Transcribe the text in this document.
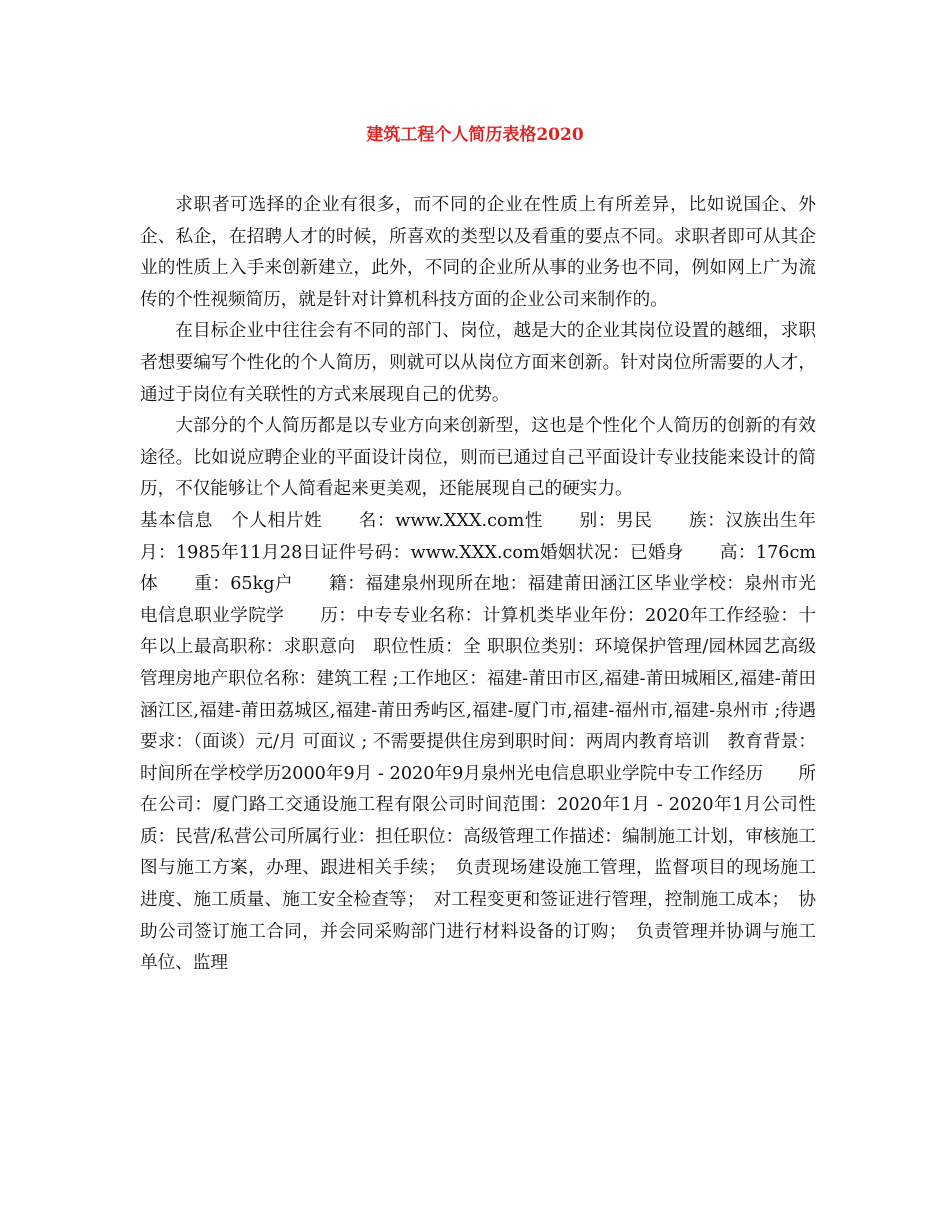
建筑工程个人简历表格2020

求职者可选择的企业有很多，而不同的企业在性质上有所差异，比如说国企、外企、私企，在招聘人才的时候，所喜欢的类型以及看重的要点不同。求职者即可从其企业的性质上入手来创新建立，此外，不同的企业所从事的业务也不同，例如网上广为流传的个性视频简历，就是针对计算机科技方面的企业公司来制作的。

在目标企业中往往会有不同的部门、岗位，越是大的企业其岗位设置的越细，求职者想要编写个性化的个人简历，则就可以从岗位方面来创新。针对岗位所需要的人才，通过于岗位有关联性的方式来展现自己的优势。

大部分的个人简历都是以专业方向来创新型，这也是个性化个人简历的创新的有效途径。比如说应聘企业的平面设计岗位，则而已通过自己平面设计专业技能来设计的简历，不仅能够让个人简看起来更美观，还能展现自己的硬实力。

基本信息　个人相片姓　　名：www.XXX.com性　　别：男民　　族：汉族出生年月：1985年11月28日证件号码：www.XXX.com婚姻状况：已婚身　　高：176cm体　　重：65kg户　　籍：福建泉州现所在地：福建莆田涵江区毕业学校：泉州市光电信息职业学院学　　历：中专专业名称：计算机类毕业年份：2020年工作经验：十年以上最高职称：求职意向　职位性质：全 职职位类别：环境保护管理/园林园艺高级管理房地产职位名称：建筑工程 ;工作地区：福建-莆田市区,福建-莆田城厢区,福建-莆田涵江区,福建-莆田荔城区,福建-莆田秀屿区,福建-厦门市,福建-福州市,福建-泉州市 ;待遇要求：（面谈）元/月 可面议 ; 不需要提供住房到职时间：两周内教育培训　教育背景：时间所在学校学历2000年9月 - 2020年9月泉州光电信息职业学院中专工作经历　　所在公司：厦门路工交通设施工程有限公司时间范围：2020年1月 - 2020年1月公司性质：民营/私营公司所属行业：担任职位：高级管理工作描述：编制施工计划，审核施工图与施工方案，办理、跟进相关手续；　负责现场建设施工管理，监督项目的现场施工进度、施工质量、施工安全检查等；　对工程变更和签证进行管理，控制施工成本；　协助公司签订施工合同，并会同采购部门进行材料设备的订购；　负责管理并协调与施工单位、监理
